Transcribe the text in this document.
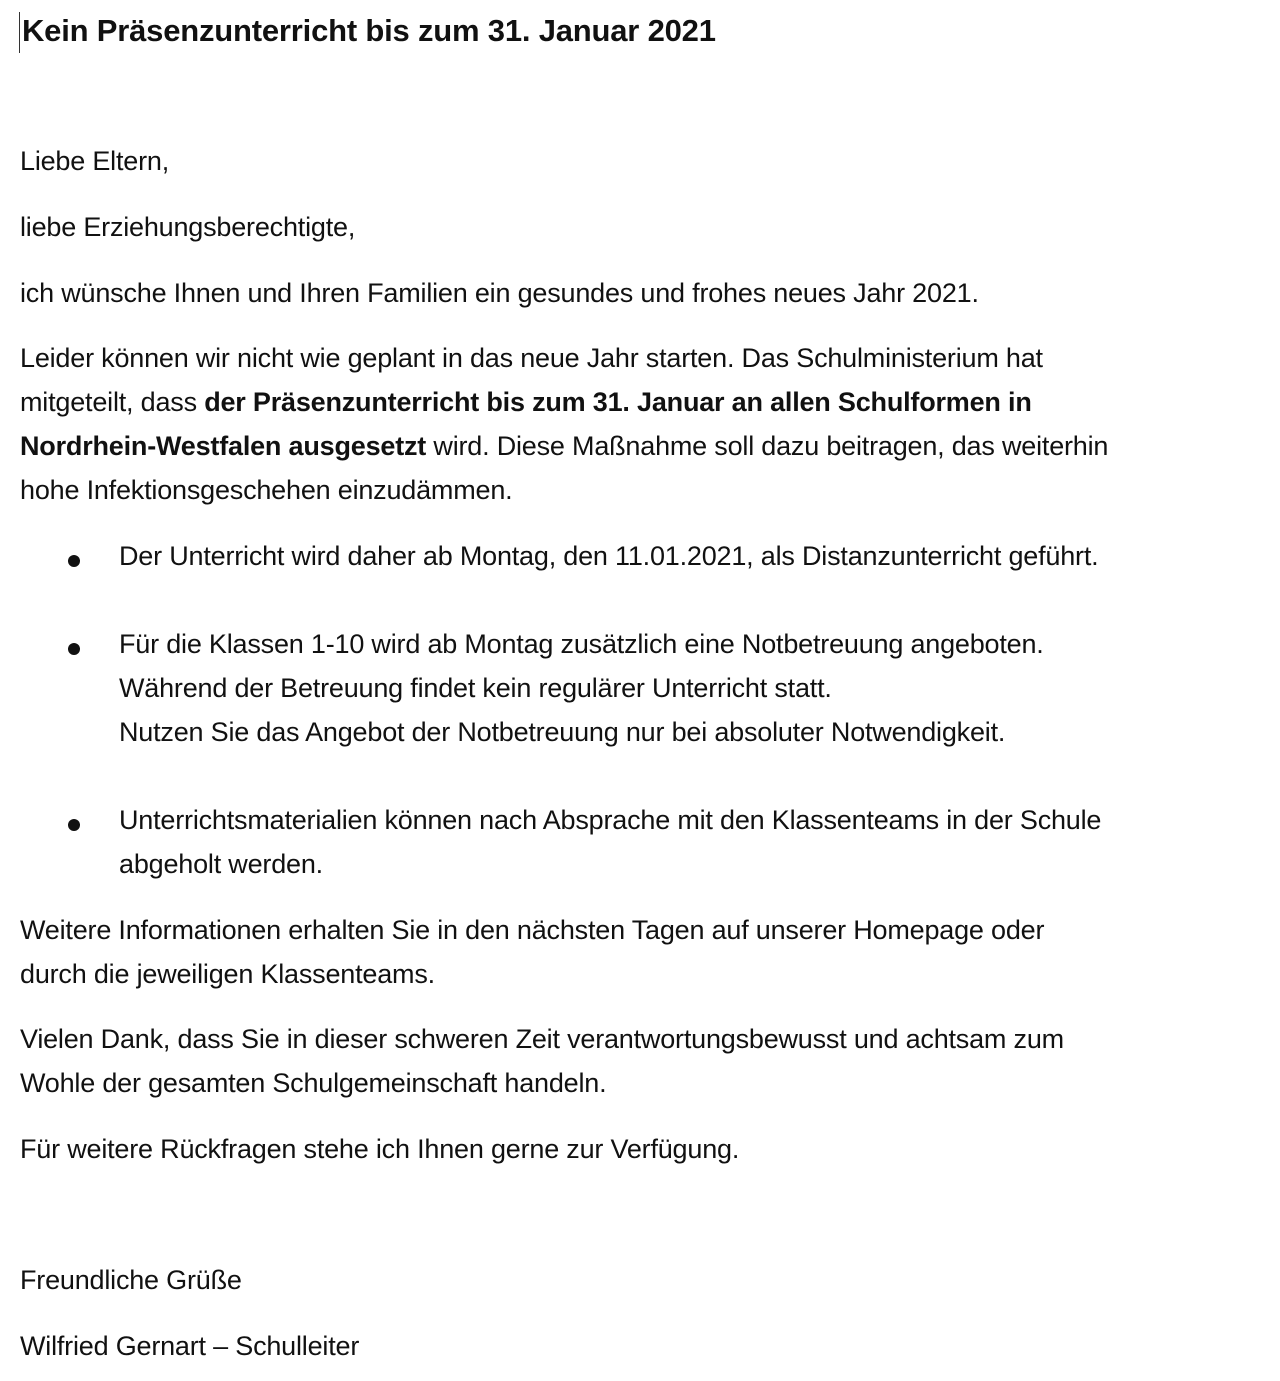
Kein Präsenzunterricht bis zum 31. Januar 2021
Liebe Eltern,
liebe Erziehungsberechtigte,
ich wünsche Ihnen und Ihren Familien ein gesundes und frohes neues Jahr 2021.
Leider können wir nicht wie geplant in das neue Jahr starten. Das Schulministerium hat
mitgeteilt, dass der Präsenzunterricht bis zum 31. Januar an allen Schulformen in
Nordrhein-Westfalen ausgesetzt wird. Diese Maßnahme soll dazu beitragen, das weiterhin
hohe Infektionsgeschehen einzudämmen.
Der Unterricht wird daher ab Montag, den 11.01.2021, als Distanzunterricht geführt.
Für die Klassen 1-10 wird ab Montag zusätzlich eine Notbetreuung angeboten.
Während der Betreuung findet kein regulärer Unterricht statt.
Nutzen Sie das Angebot der Notbetreuung nur bei absoluter Notwendigkeit.
Unterrichtsmaterialien können nach Absprache mit den Klassenteams in der Schule
abgeholt werden.
Weitere Informationen erhalten Sie in den nächsten Tagen auf unserer Homepage oder
durch die jeweiligen Klassenteams.
Vielen Dank, dass Sie in dieser schweren Zeit verantwortungsbewusst und achtsam zum
Wohle der gesamten Schulgemeinschaft handeln.
Für weitere Rückfragen stehe ich Ihnen gerne zur Verfügung.
Freundliche Grüße
Wilfried Gernart – Schulleiter
